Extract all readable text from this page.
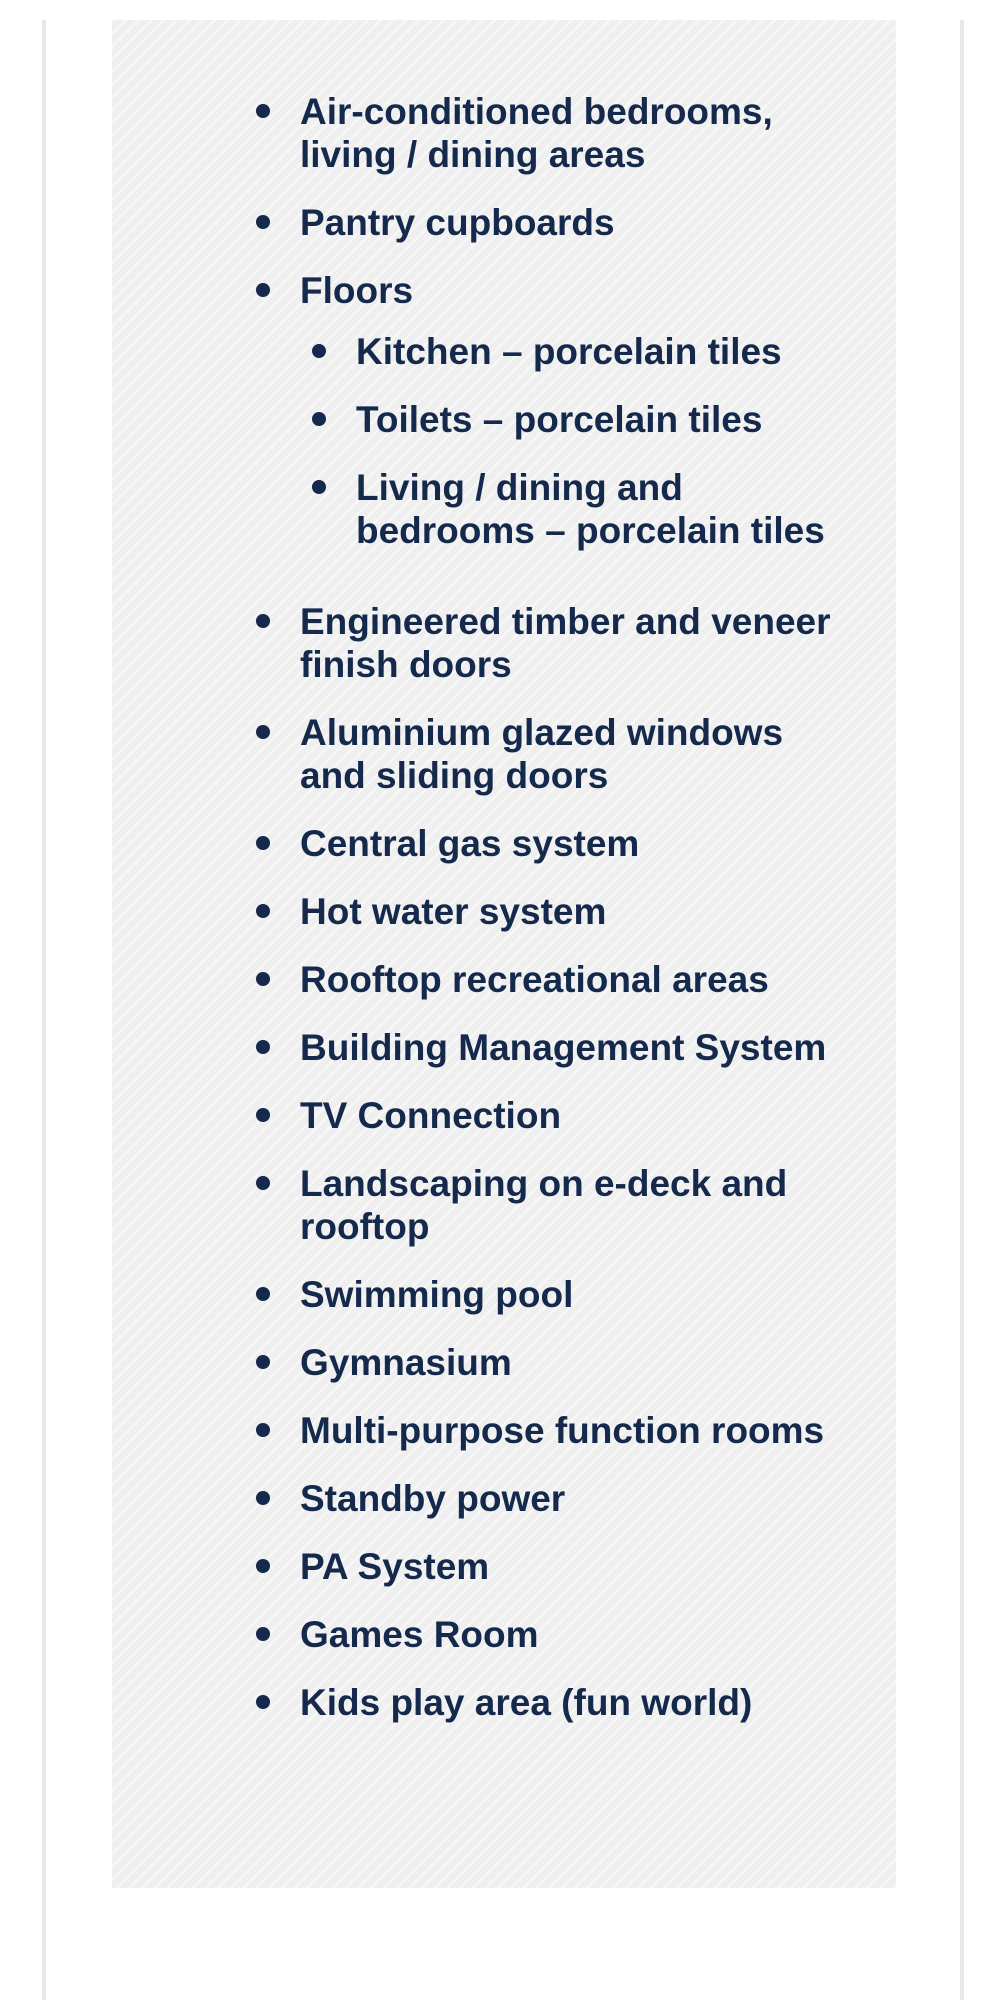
Air-conditioned bedrooms, living / dining areas
Pantry cupboards
Floors
Kitchen – porcelain tiles
Toilets – porcelain tiles
Living / dining and bedrooms – porcelain tiles
Engineered timber and veneer finish doors
Aluminium glazed windows and sliding doors
Central gas system
Hot water system
Rooftop recreational areas
Building Management System
TV Connection
Landscaping on e-deck and rooftop
Swimming pool
Gymnasium
Multi-purpose function rooms
Standby power
PA System
Games Room
Kids play area (fun world)
